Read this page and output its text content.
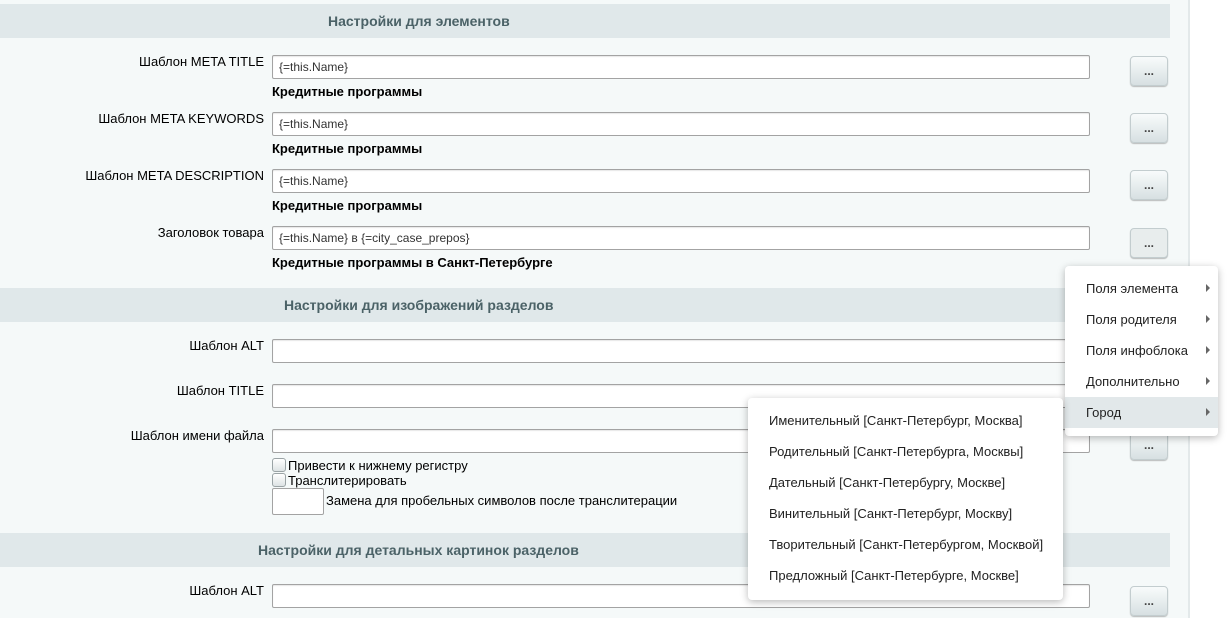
Настройки для элементов
Шаблон META TITLE
{=this.Name}
Кредитные программы
...
Шаблон META KEYWORDS
{=this.Name}
Кредитные программы
...
Шаблон META DESCRIPTION
{=this.Name}
Кредитные программы
...
Заголовок товара
{=this.Name} в {=city_case_prepos}
Кредитные программы в Санкт-Петербурге
...
Настройки для изображений разделов
Шаблон ALT
Шаблон TITLE
Шаблон имени файла
...
Привести к нижнему регистру
Транслитерировать
Замена для пробельных символов после транслитерации
Настройки для детальных картинок разделов
Шаблон ALT
...
Поля элемента
Поля родителя
Поля инфоблока
Дополнительно
Город
Именительный [Санкт-Петербург, Москва]
Родительный [Санкт-Петербурга, Москвы]
Дательный [Санкт-Петербургу, Москве]
Винительный [Санкт-Петербург, Москву]
Творительный [Санкт-Петербургом, Москвой]
Предложный [Санкт-Петербурге, Москве]
